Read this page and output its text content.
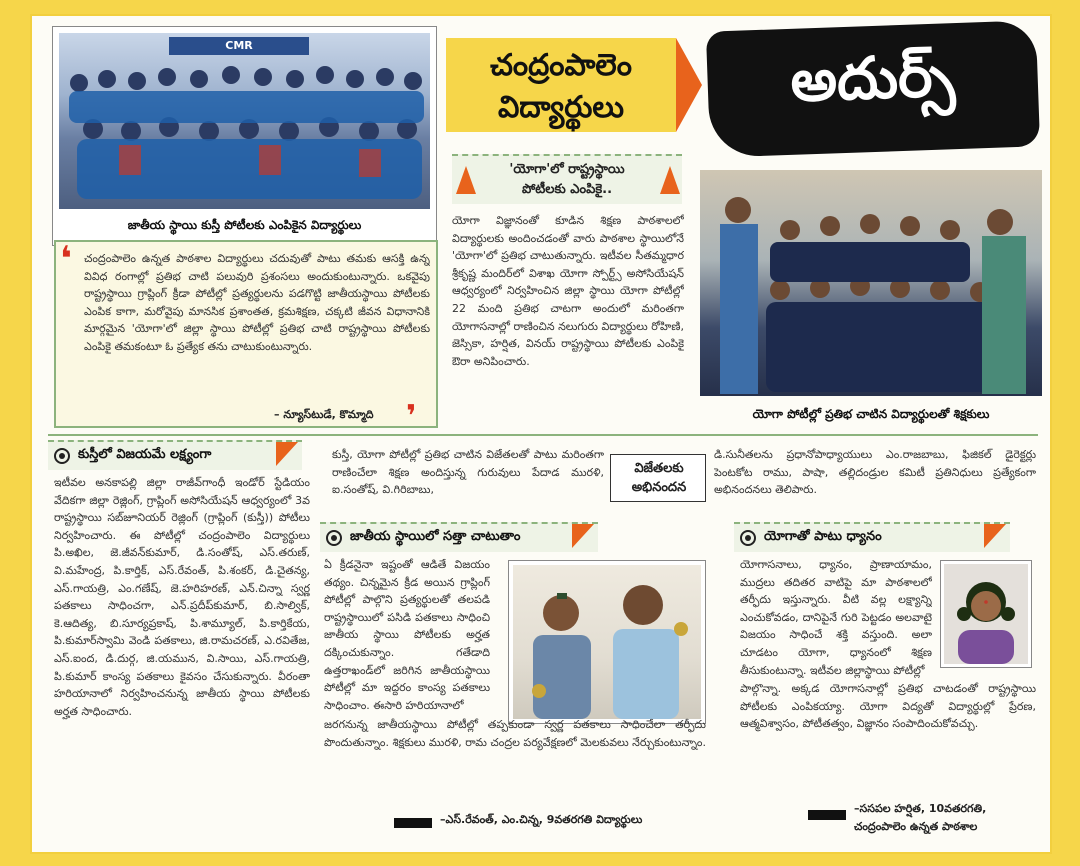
CMR
జాతీయ స్థాయి కుస్తీ పోటీలకు ఎంపికైన విద్యార్థులు
చంద్రంపాలెం
విద్యార్థులు	అదుర్స్
'యోగా'లో రాష్ట్రస్థాయి
పోటీలకు ఎంపికై..
❛ చంద్రంపాలెం ఉన్నత పాఠశాల విద్యార్థులు చదువుతో పాటు తమకు ఆసక్తి ఉన్న వివిధ రంగాల్లో ప్రతిభ చాటి పలువురి ప్రశంసలు అందుకుంటున్నారు. ఒకవైపు రాష్ట్రస్థాయి గ్రాప్లింగ్ క్రీడా పోటీల్లో ప్రత్యర్థులను పడగొట్టి జాతీయస్థాయి పోటీలకు ఎంపిక కాగా, మరోవైపు మానసిక ప్రశాంతత, క్రమశిక్షణ, చక్కటి జీవన విధానానికి మార్గమైన 'యోగా'లో జిల్లా స్థాయి పోటీల్లో ప్రతిభ చాటి రాష్ట్రస్థాయి పోటీలకు ఎంపికై తమకంటూ ఓ ప్రత్యేక తను చాటుకుంటున్నారు.
– న్యూస్‌టుడే, కొమ్మాది ❜
యోగా విజ్ఞానంతో కూడిన శిక్షణ పాఠశాలలో విద్యార్థులకు అందించడంతో వారు పాఠశాల స్థాయిలోనే 'యోగా'లో ప్రతిభ చాటుతున్నారు. ఇటీవల సీతమ్మధార శ్రీకృష్ణ మందిర్‌లో విశాఖ యోగా స్పోర్ట్స్ అసోసియేషన్ ఆధ్వర్యంలో నిర్వహించిన జిల్లా స్థాయి యోగా పోటీల్లో 22 మంది ప్రతిభ చాటగా అందులో మరింతగా యోగాసనాల్లో రాణించిన నలుగురు విద్యార్థులు రోహిణి, జెస్సికా, హర్షిత, వినయ్ రాష్ట్రస్థాయి పోటీలకు ఎంపికై ఔరా అనిపించారు.
యోగా పోటీల్లో ప్రతిభ చాటిన విద్యార్థులతో శిక్షకులు
కుస్తీలో విజయమే లక్ష్యంగా
ఇటీవల అనకాపల్లి జిల్లా రాజీవ్‌గాంధీ ఇండోర్ స్టేడియం వేదికగా జిల్లా రెజ్లింగ్, గ్రాప్లింగ్ అసోసియేషన్ ఆధ్వర్యంలో 3వ రాష్ట్రస్థాయి సబ్‌జూనియర్ రెజ్లింగ్ (గ్రాప్లింగ్ (కుస్తీ)) పోటీలు నిర్వహించారు. ఈ పోటీల్లో చంద్రంపాలెం విద్యార్థులు పి.అఖిల, జె.జీవన్‌కుమార్, డి.సంతోష్, ఎస్.తరుణ్, వి.మహేంద్ర, పి.కార్తిక్, ఎస్.రేవంత్, పి.శంకర్, డి.చైతన్య, ఎస్.గాయత్రి, ఎం.గణేష్, జె.హరిహరణ్, ఎన్.చిన్నా స్వర్ణ పతకాలు సాధించగా, ఎన్.ప్రదీప్‌కుమార్, బి.సాల్విక్, కె.ఆదిత్య, బి.సూర్యప్రకాష్, పి.శామ్యూల్, పి.కార్తికేయ, పి.కుమార్‌స్వామి వెండి పతకాలు, జి.రామచరణ్, ఎ.రవితేజ, ఎస్.ఐంద, డి.దుర్గ, జి.యమున, వి.సాయి, ఎస్.గాయత్రి, పి.కుమార్ కాంస్య పతకాలు కైవసం చేసుకున్నారు. వీరంతా హరియానాలో నిర్వహించనున్న జాతీయ స్థాయి పోటీలకు అర్హత సాధించారు.
కుస్తీ, యోగా పోటీల్లో ప్రతిభ చాటిన విజేతలతో పాటు మరింతగా రాణించేలా శిక్షణ అందిస్తున్న గురువులు పేదాడ మురళి, ఐ.సంతోష్, వి.గిరిబాబు,
విజేతలకు
అభినందన
డి.సునీతలను ప్రధానోపాధ్యాయులు ఎం.రాజబాబు, ఫిజికల్ డైరెక్టర్లు పెంటకోట రాము, పాషా, తల్లిదండ్రుల కమిటీ ప్రతినిధులు ప్రత్యేకంగా అభినందనలు తెలిపారు.
జాతీయ స్థాయిలో సత్తా చాటుతాం
ఏ క్రీడనైనా ఇష్టంతో ఆడితే విజయం తథ్యం. చిన్నమైన క్రీడ అయిన గ్రాప్లింగ్ పోటీల్లో పాల్గొని ప్రత్యర్థులతో తలపడి రాష్ట్రస్థాయిలో పసిడి పతకాలు సాధించి జాతీయ స్థాయి పోటీలకు అర్హత దక్కించుకున్నాం. గతేడాది ఉత్తరాఖండ్‌లో జరిగిన జాతీయస్థాయి పోటీల్లో మా ఇద్దరం కాంస్య పతకాలు సాధించాం. ఈసారి హరియానాలో
జరగనున్న జాతీయస్థాయి పోటీల్లో తప్పకుండా స్వర్ణ పతకాలు సాధించేలా తర్ఫీదు పొందుతున్నాం. శిక్షకులు మురళి, రామ చంద్రల పర్యవేక్షణలో మెలకువలు నేర్చుకుంటున్నాం.
–ఎస్.రేవంత్, ఎం.చిన్న, 9వతరగతి విద్యార్థులు
యోగాతో పాటు ధ్యానం
యోగాసనాలు, ధ్యానం, ప్రాణాయామం, ముద్రలు తదితర వాటిపై మా పాఠశాలలో తర్ఫీదు ఇస్తున్నారు. వీటి వల్ల లక్ష్యాన్ని ఎంచుకోవడం, దానిపైనే గురి పెట్టడం అలవాటై విజయం సాధించే శక్తి వస్తుంది. అలా చూడటం యోగా, ధ్యానంలో శిక్షణ తీసుకుంటున్నా. ఇటీవల జిల్లాస్థాయి పోటీల్లో
పాల్గొన్నా. అక్కడ యోగాసనాల్లో ప్రతిభ చాటడంతో రాష్ట్రస్థాయి పోటీలకు ఎంపికయ్యా. యోగా విద్యతో విద్యార్థుల్లో ప్రేరణ, ఆత్మవిశ్వాసం, పోటీతత్వం, విజ్ఞానం సంపాదించుకోవచ్చు.
–ససపల హర్షిత, 10వతరగతి,
చంద్రంపాలెం ఉన్నత పాఠశాల
